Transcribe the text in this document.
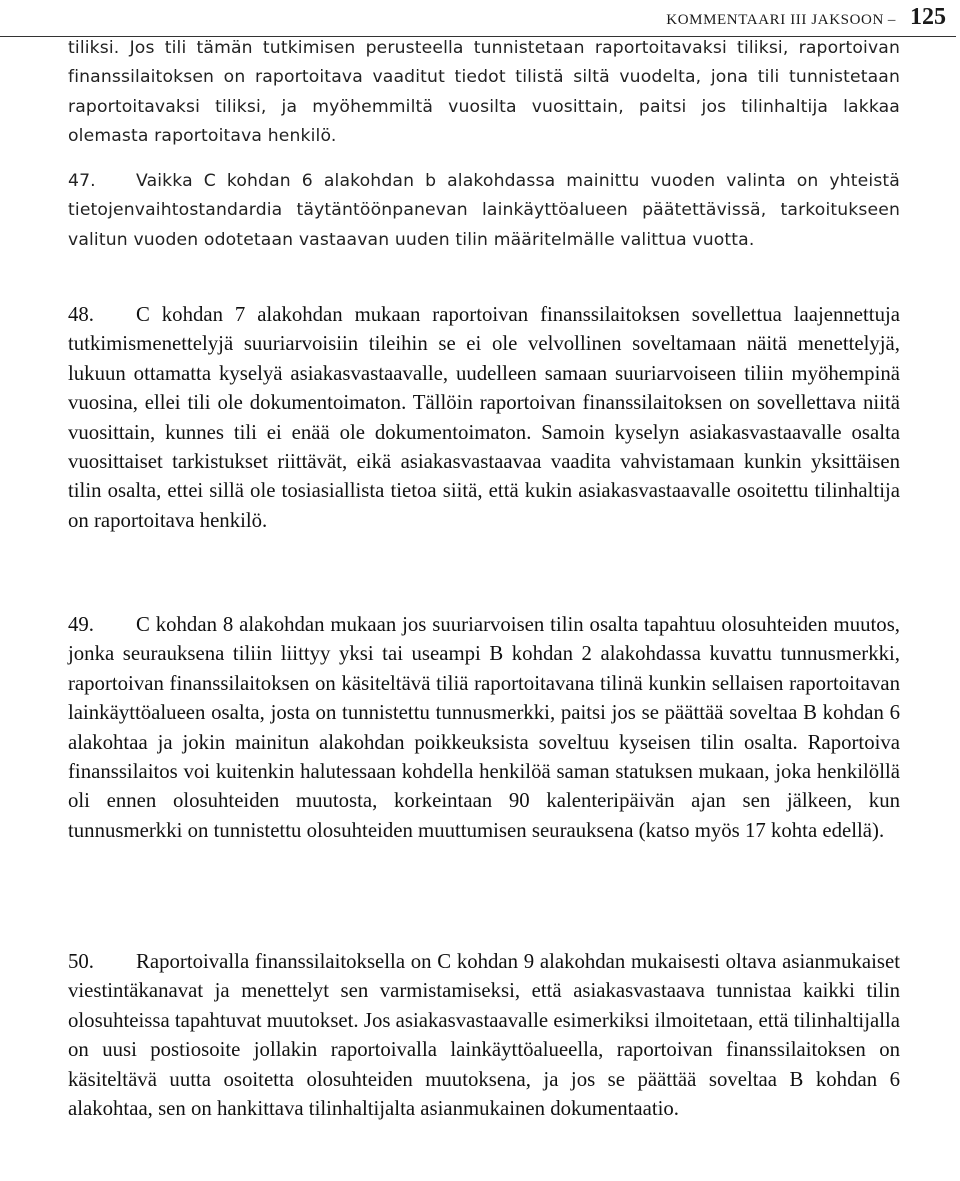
KOMMENTAARI III JAKSOON – 125

tiliksi. Jos tili tämän tutkimisen perusteella tunnistetaan raportoitavaksi tiliksi, raportoivan finanssilaitoksen on raportoitava vaaditut tiedot tilistä siltä vuodelta, jona tili tunnistetaan raportoitavaksi tiliksi, ja myöhemmiltä vuosilta vuosittain, paitsi jos tilinhaltija lakkaa olemasta raportoitava henkilö.

47. Vaikka C kohdan 6 alakohdan b alakohdassa mainittu vuoden valinta on yhteistä tietojenvaihtostandardia täytäntöönpanevan lainkäyttöalueen päätettävissä, tarkoitukseen valitun vuoden odotetaan vastaavan uuden tilin määritelmälle valittua vuotta.

48. C kohdan 7 alakohdan mukaan raportoivan finanssilaitoksen sovellettua laajennettuja tutkimismenettelyjä suuriarvoisiin tileihin se ei ole velvollinen soveltamaan näitä menettelyjä, lukuun ottamatta kyselyä asiakasvastaavalle, uudelleen samaan suuriarvoiseen tiliin myöhempinä vuosina, ellei tili ole dokumentoimaton. Tällöin raportoivan finanssilaitoksen on sovellettava niitä vuosittain, kunnes tili ei enää ole dokumentoimaton. Samoin kyselyn asiakasvastaavalle osalta vuosittaiset tarkistukset riittävät, eikä asiakasvastaavaa vaadita vahvistamaan kunkin yksittäisen tilin osalta, ettei sillä ole tosiasiallista tietoa siitä, että kukin asiakasvastaavalle osoitettu tilinhaltija on raportoitava henkilö.

49. C kohdan 8 alakohdan mukaan jos suuriarvoisen tilin osalta tapahtuu olosuhteiden muutos, jonka seurauksena tiliin liittyy yksi tai useampi B kohdan 2 alakohdassa kuvattu tunnusmerkki, raportoivan finanssilaitoksen on käsiteltävä tiliä raportoitavana tilinä kunkin sellaisen raportoitavan lainkäyttöalueen osalta, josta on tunnistettu tunnusmerkki, paitsi jos se päättää soveltaa B kohdan 6 alakohtaa ja jokin mainitun alakohdan poikkeuksista soveltuu kyseisen tilin osalta. Raportoiva finanssilaitos voi kuitenkin halutessaan kohdella henkilöä saman statuksen mukaan, joka henkilöllä oli ennen olosuhteiden muutosta, korkeintaan 90 kalenteripäivän ajan sen jälkeen, kun tunnusmerkki on tunnistettu olosuhteiden muuttumisen seurauksena (katso myös 17 kohta edellä).

50. Raportoivalla finanssilaitoksella on C kohdan 9 alakohdan mukaisesti oltava asianmukaiset viestintäkanavat ja menettelyt sen varmistamiseksi, että asiakasvastaava tunnistaa kaikki tilin olosuhteissa tapahtuvat muutokset. Jos asiakasvastaavalle esimerkiksi ilmoitetaan, että tilinhaltijalla on uusi postiosoite jollakin raportoivalla lainkäyttöalueella, raportoivan finanssilaitoksen on käsiteltävä uutta osoitetta olosuhteiden muutoksena, ja jos se päättää soveltaa B kohdan 6 alakohtaa, sen on hankittava tilinhaltijalta asianmukainen dokumentaatio.
